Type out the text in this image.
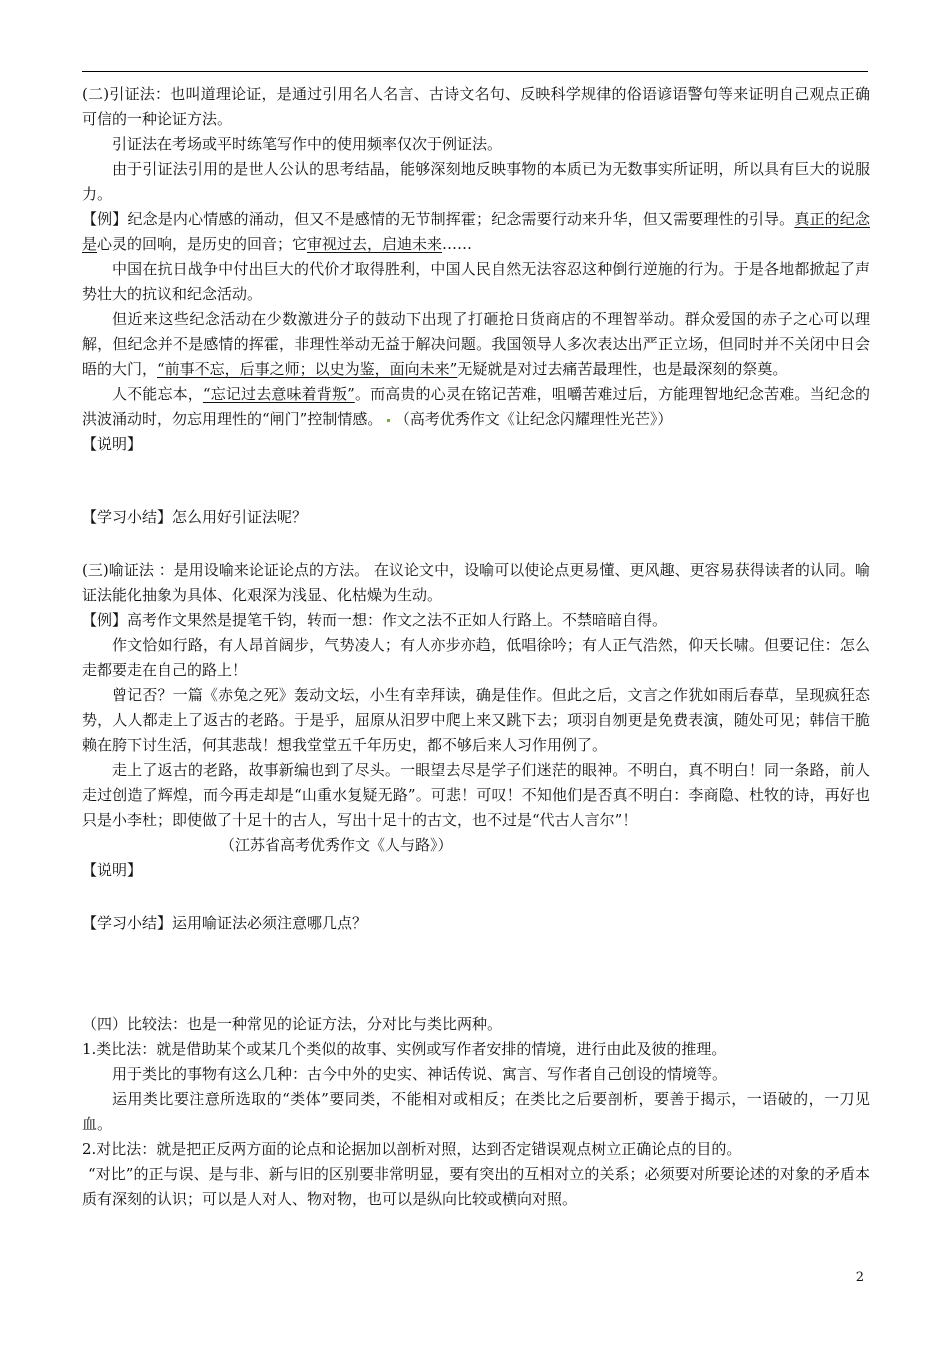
(二)引证法：也叫道理论证，是通过引用名人名言、古诗文名句、反映科学规律的俗语谚语警句等来证明自己观点正确可信的一种论证方法。

引证法在考场或平时练笔写作中的使用频率仅次于例证法。

由于引证法引用的是世人公认的思考结晶，能够深刻地反映事物的本质已为无数事实所证明，所以具有巨大的说服力。

【例】纪念是内心情感的涌动，但又不是感情的无节制挥霍；纪念需要行动来升华，但又需要理性的引导。真正的纪念是心灵的回响，是历史的回音；它审视过去，启迪未来……

中国在抗日战争中付出巨大的代价才取得胜利，中国人民自然无法容忍这种倒行逆施的行为。于是各地都掀起了声势壮大的抗议和纪念活动。

但近来这些纪念活动在少数激进分子的鼓动下出现了打砸抢日货商店的不理智举动。群众爱国的赤子之心可以理解，但纪念并不是感情的挥霍，非理性举动无益于解决问题。我国领导人多次表达出严正立场，但同时并不关闭中日会晤的大门，“前事不忘，后事之师；以史为鉴，面向未来”无疑就是对过去痛苦最理性，也是最深刻的祭奠。

人不能忘本，“忘记过去意味着背叛”。而高贵的心灵在铭记苦难，咀嚼苦难过后，方能理智地纪念苦难。当纪念的洪波涌动时，勿忘用理性的“闸门”控制情感。 （高考优秀作文《让纪念闪耀理性光芒》）

【说明】

【学习小结】怎么用好引证法呢？

(三)喻证法 ：是用设喻来论证论点的方法。 在议论文中，设喻可以使论点更易懂、更风趣、更容易获得读者的认同。喻证法能化抽象为具体、化艰深为浅显、化枯燥为生动。

【例】高考作文果然是提笔千钧，转而一想：作文之法不正如人行路上。不禁暗暗自得。

作文恰如行路，有人昂首阔步，气势凌人；有人亦步亦趋，低唱徐吟；有人正气浩然，仰天长啸。但要记住：怎么走都要走在自己的路上！

曾记否？一篇《赤兔之死》轰动文坛，小生有幸拜读，确是佳作。但此之后，文言之作犹如雨后春草，呈现疯狂态势，人人都走上了返古的老路。于是乎，屈原从汨罗中爬上来又跳下去；项羽自刎更是免费表演，随处可见；韩信干脆赖在胯下讨生活，何其悲哉！想我堂堂五千年历史，都不够后来人习作用例了。

走上了返古的老路，故事新编也到了尽头。一眼望去尽是学子们迷茫的眼神。不明白，真不明白！同一条路，前人走过创造了辉煌，而今再走却是“山重水复疑无路”。可悲！可叹！不知他们是否真不明白：李商隐、杜牧的诗，再好也只是小李杜；即使做了十足十的古人，写出十足十的古文，也不过是“代古人言尔”！

（江苏省高考优秀作文《人与路》）

【说明】

【学习小结】运用喻证法必须注意哪几点？

（四）比较法：也是一种常见的论证方法，分对比与类比两种。

1.类比法：就是借助某个或某几个类似的故事、实例或写作者安排的情境，进行由此及彼的推理。

用于类比的事物有这么几种：古今中外的史实、神话传说、寓言、写作者自己创设的情境等。

运用类比要注意所选取的“类体”要同类，不能相对或相反；在类比之后要剖析，要善于揭示，一语破的，一刀见血。

2.对比法：就是把正反两方面的论点和论据加以剖析对照，达到否定错误观点树立正确论点的目的。

“对比”的正与误、是与非、新与旧的区别要非常明显，要有突出的互相对立的关系；必须要对所要论述的对象的矛盾本质有深刻的认识；可以是人对人、物对物，也可以是纵向比较或横向对照。

2
